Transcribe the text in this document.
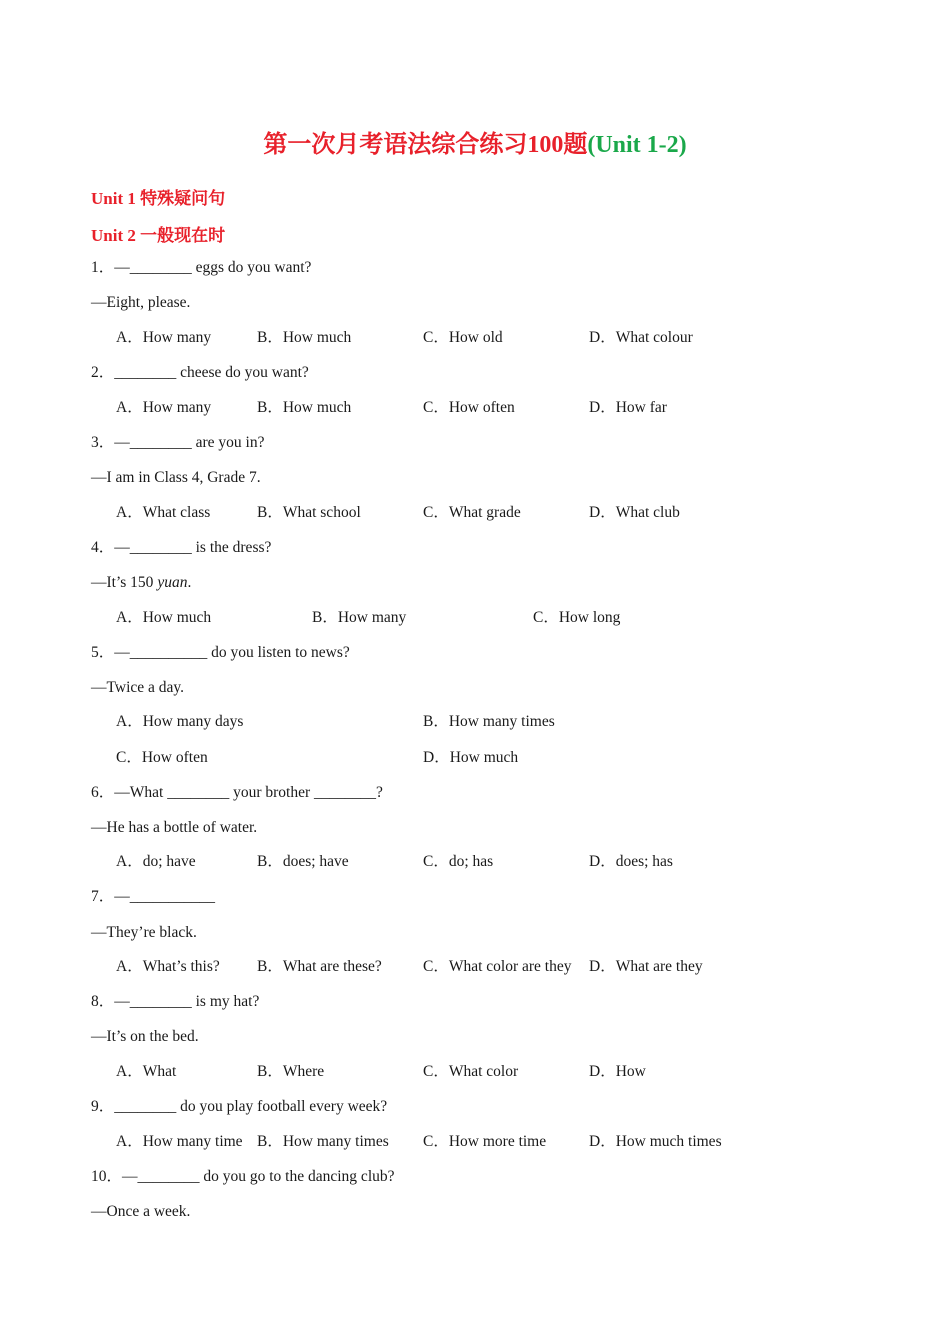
第一次月考语法综合练习100题(Unit 1-2)
Unit 1 特殊疑问句
Unit 2 一般现在时
1．—________ eggs do you want?
—Eight, please.
A．How many	B．How much	C．How old	D．What colour
2．________ cheese do you want?
A．How many	B．How much	C．How often	D．How far
3．—________ are you in?
—I am in Class 4, Grade 7.
A．What class	B．What school	C．What grade	D．What club
4．—________ is the dress?
—It’s 150 yuan.
A．How much	B．How many	C．How long
5．—__________ do you listen to news?
—Twice a day.
A．How many days	B．How many times
C．How often	D．How much
6．—What ________ your brother ________?
—He has a bottle of water.
A．do; have	B．does; have	C．do; has	D．does; has
7．—___________
—They’re black.
A．What’s this? B．What are these?	C．What color are they D．What are they
8．—________ is my hat?
—It’s on the bed.
A．What	B．Where	C．What color	D．How
9．________ do you play football every week?
A．How many time B．How many times C．How more time	D．How much times
10．—________ do you go to the dancing club?
—Once a week.
